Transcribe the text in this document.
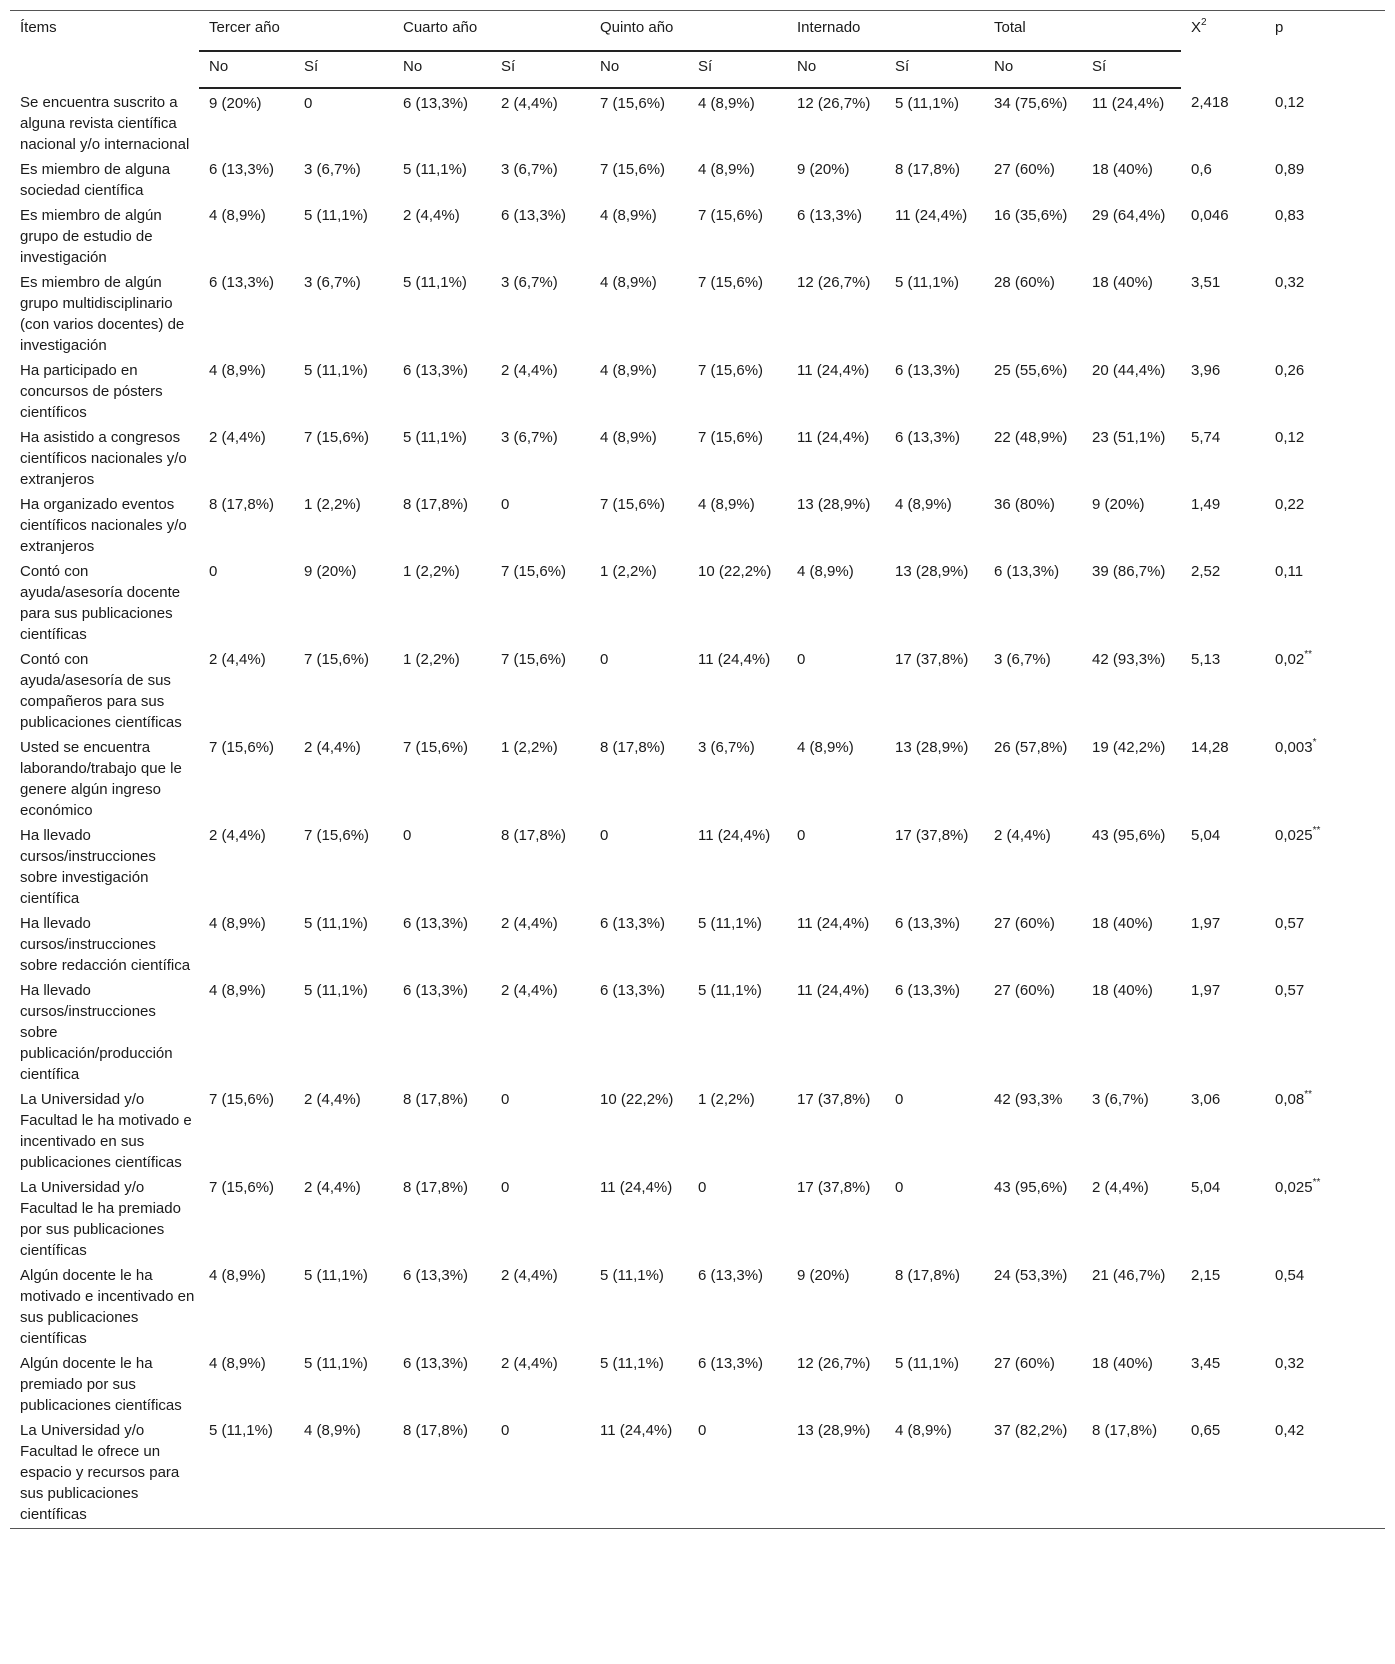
Ítems	Tercer año		Cuarto año		Quinto año		Internado		Total		$X^2$	p
	No	Sí	No	Sí	No	Sí	No	Sí	No	Sí		
Se encuentra suscrito a alguna revista científica nacional y/o internacional	9 (20%)	0	6 (13,3%)	2 (4,4%)	7 (15,6%)	4 (8,9%)	12 (26,7%)	5 (11,1%)	34 (75,6%)	11 (24,4%)	2,418	0,12
Es miembro de alguna sociedad científica	6 (13,3%)	3 (6,7%)	5 (11,1%)	3 (6,7%)	7 (15,6%)	4 (8,9%)	9 (20%)	8 (17,8%)	27 (60%)	18 (40%)	0,6	0,89
Es miembro de algún grupo de estudio de investigación	4 (8,9%)	5 (11,1%)	2 (4,4%)	6 (13,3%)	4 (8,9%)	7 (15,6%)	6 (13,3%)	11 (24,4%)	16 (35,6%)	29 (64,4%)	0,046	0,83
Es miembro de algún grupo multidisciplinario (con varios docentes) de investigación	6 (13,3%)	3 (6,7%)	5 (11,1%)	3 (6,7%)	4 (8,9%)	7 (15,6%)	12 (26,7%)	5 (11,1%)	28 (60%)	18 (40%)	3,51	0,32
Ha participado en concursos de pósters científicos	4 (8,9%)	5 (11,1%)	6 (13,3%)	2 (4,4%)	4 (8,9%)	7 (15,6%)	11 (24,4%)	6 (13,3%)	25 (55,6%)	20 (44,4%)	3,96	0,26
Ha asistido a congresos científicos nacionales y/o extranjeros	2 (4,4%)	7 (15,6%)	5 (11,1%)	3 (6,7%)	4 (8,9%)	7 (15,6%)	11 (24,4%)	6 (13,3%)	22 (48,9%)	23 (51,1%)	5,74	0,12
Ha organizado eventos científicos nacionales y/o extranjeros	8 (17,8%)	1 (2,2%)	8 (17,8%)	0	7 (15,6%)	4 (8,9%)	13 (28,9%)	4 (8,9%)	36 (80%)	9 (20%)	1,49	0,22
Contó con ayuda/asesoría docente para sus publicaciones científicas	0	9 (20%)	1 (2,2%)	7 (15,6%)	1 (2,2%)	10 (22,2%)	4 (8,9%)	13 (28,9%)	6 (13,3%)	39 (86,7%)	2,52	0,11
Contó con ayuda/asesoría de sus compañeros para sus publicaciones científicas	2 (4,4%)	7 (15,6%)	1 (2,2%)	7 (15,6%)	0	11 (24,4%)	0	17 (37,8%)	3 (6,7%)	42 (93,3%)	5,13	0,02**
Usted se encuentra laborando/trabajo que le genere algún ingreso económico	7 (15,6%)	2 (4,4%)	7 (15,6%)	1 (2,2%)	8 (17,8%)	3 (6,7%)	4 (8,9%)	13 (28,9%)	26 (57,8%)	19 (42,2%)	14,28	0,003*
Ha llevado cursos/instrucciones sobre investigación científica	2 (4,4%)	7 (15,6%)	0	8 (17,8%)	0	11 (24,4%)	0	17 (37,8%)	2 (4,4%)	43 (95,6%)	5,04	0,025**
Ha llevado cursos/instrucciones sobre redacción científica	4 (8,9%)	5 (11,1%)	6 (13,3%)	2 (4,4%)	6 (13,3%)	5 (11,1%)	11 (24,4%)	6 (13,3%)	27 (60%)	18 (40%)	1,97	0,57
Ha llevado cursos/instrucciones sobre publicación/producción científica	4 (8,9%)	5 (11,1%)	6 (13,3%)	2 (4,4%)	6 (13,3%)	5 (11,1%)	11 (24,4%)	6 (13,3%)	27 (60%)	18 (40%)	1,97	0,57
La Universidad y/o Facultad le ha motivado e incentivado en sus publicaciones científicas	7 (15,6%)	2 (4,4%)	8 (17,8%)	0	10 (22,2%)	1 (2,2%)	17 (37,8%)	0	42 (93,3%	3 (6,7%)	3,06	0,08**
La Universidad y/o Facultad le ha premiado por sus publicaciones científicas	7 (15,6%)	2 (4,4%)	8 (17,8%)	0	11 (24,4%)	0	17 (37,8%)	0	43 (95,6%)	2 (4,4%)	5,04	0,025**
Algún docente le ha motivado e incentivado en sus publicaciones científicas	4 (8,9%)	5 (11,1%)	6 (13,3%)	2 (4,4%)	5 (11,1%)	6 (13,3%)	9 (20%)	8 (17,8%)	24 (53,3%)	21 (46,7%)	2,15	0,54
Algún docente le ha premiado por sus publicaciones científicas	4 (8,9%)	5 (11,1%)	6 (13,3%)	2 (4,4%)	5 (11,1%)	6 (13,3%)	12 (26,7%)	5 (11,1%)	27 (60%)	18 (40%)	3,45	0,32
La Universidad y/o Facultad le ofrece un espacio y recursos para sus publicaciones científicas	5 (11,1%)	4 (8,9%)	8 (17,8%)	0	11 (24,4%)	0	13 (28,9%)	4 (8,9%)	37 (82,2%)	8 (17,8%)	0,65	0,42
